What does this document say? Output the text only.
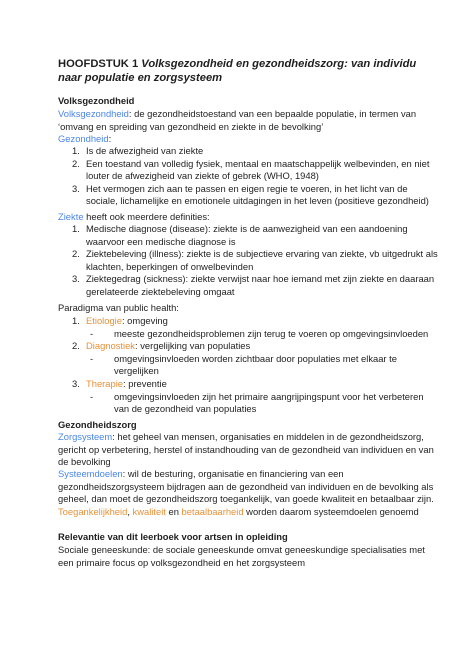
HOOFDSTUK 1 Volksgezondheid en gezondheidszorg: van individu naar populatie en zorgsysteem
Volksgezondheid
Volksgezondheid: de gezondheidstoestand van een bepaalde populatie, in termen van ‘omvang en spreiding van gezondheid en ziekte in de bevolking’
Gezondheid:
1. Is de afwezigheid van ziekte
2. Een toestand van volledig fysiek, mentaal en maatschappelijk welbevinden, en niet louter de afwezigheid van ziekte of gebrek (WHO, 1948)
3. Het vermogen zich aan te passen en eigen regie te voeren, in het licht van de sociale, lichamelijke en emotionele uitdagingen in het leven (positieve gezondheid)
Ziekte heeft ook meerdere definities:
1. Medische diagnose (disease): ziekte is de aanwezigheid van een aandoening waarvoor een medische diagnose is
2. Ziektebeleving (illness): ziekte is de subjectieve ervaring van ziekte, vb uitgedrukt als klachten, beperkingen of onwelbevinden
3. Ziektegedrag (sickness): ziekte verwijst naar hoe iemand met zijn ziekte en daaraan gerelateerde ziektebeleving omgaat
Paradigma van public health:
1. Etiologie: omgeving
- meeste gezondheidsproblemen zijn terug te voeren op omgevingsinvloeden
2. Diagnostiek: vergelijking van populaties
- omgevingsinvloeden worden zichtbaar door populaties met elkaar te vergelijken
3. Therapie: preventie
- omgevingsinvloeden zijn het primaire aangrijpingspunt voor het verbeteren van de gezondheid van populaties
Gezondheidszorg
Zorgsysteem: het geheel van mensen, organisaties en middelen in de gezondheidszorg, gericht op verbetering, herstel of instandhouding van de gezondheid van individuen en van de bevolking
Systeemdoelen: wil de besturing, organisatie en financiering van een gezondheidszorgsysteem bijdragen aan de gezondheid van individuen en de bevolking als geheel, dan moet de gezondheidszorg toegankelijk, van goede kwaliteit en betaalbaar zijn.
Toegankelijkheid, kwaliteit en betaalbaarheid worden daarom systeemdoelen genoemd
Relevantie van dit leerboek voor artsen in opleiding
Sociale geneeskunde: de sociale geneeskunde omvat geneeskundige specialisaties met een primaire focus op volksgezondheid en het zorgsysteem
